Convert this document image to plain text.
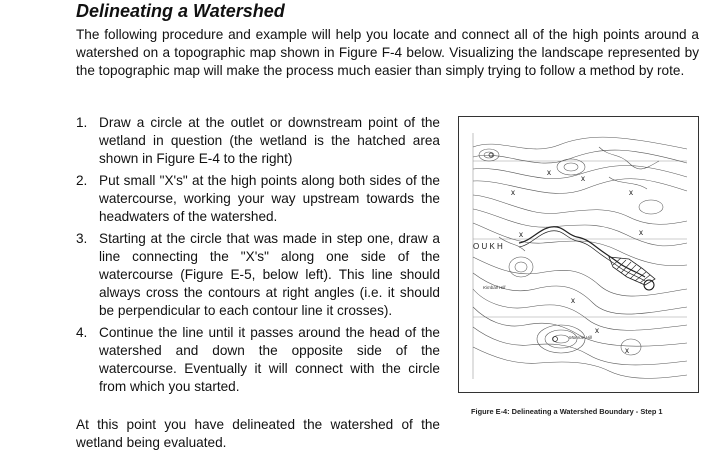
Delineating a Watershed

The following procedure and example will help you locate and connect all of the high points around a watershed on a topographic map shown in Figure F-4 below. Visualizing the landscape represented by the topographic map will make the process much easier than simply trying to follow a method by rote.

1. Draw a circle at the outlet or downstream point of the wetland in question (the wetland is the hatched area shown in Figure E-4 to the right)
2. Put small "X's" at the high points along both sides of the watercourse, working your way upstream towards the headwaters of the watershed.
3. Starting at the circle that was made in step one, draw a line connecting the "X's" along one side of the watercourse (Figure E-5, below left). This line should always cross the contours at right angles (i.e. it should be perpendicular to each contour line it crosses).
4. Continue the line until it passes around the head of the watershed and down the opposite side of the watercourse. Eventually it will connect with the circle from which you started.

At this point you have delineated the watershed of the wetland being evaluated.

x
x
x
x
x
x
x
x
x
O U K H
Kimball Hill
Monroe Hill
Figure E-4: Delineating a Watershed Boundary - Step 1
